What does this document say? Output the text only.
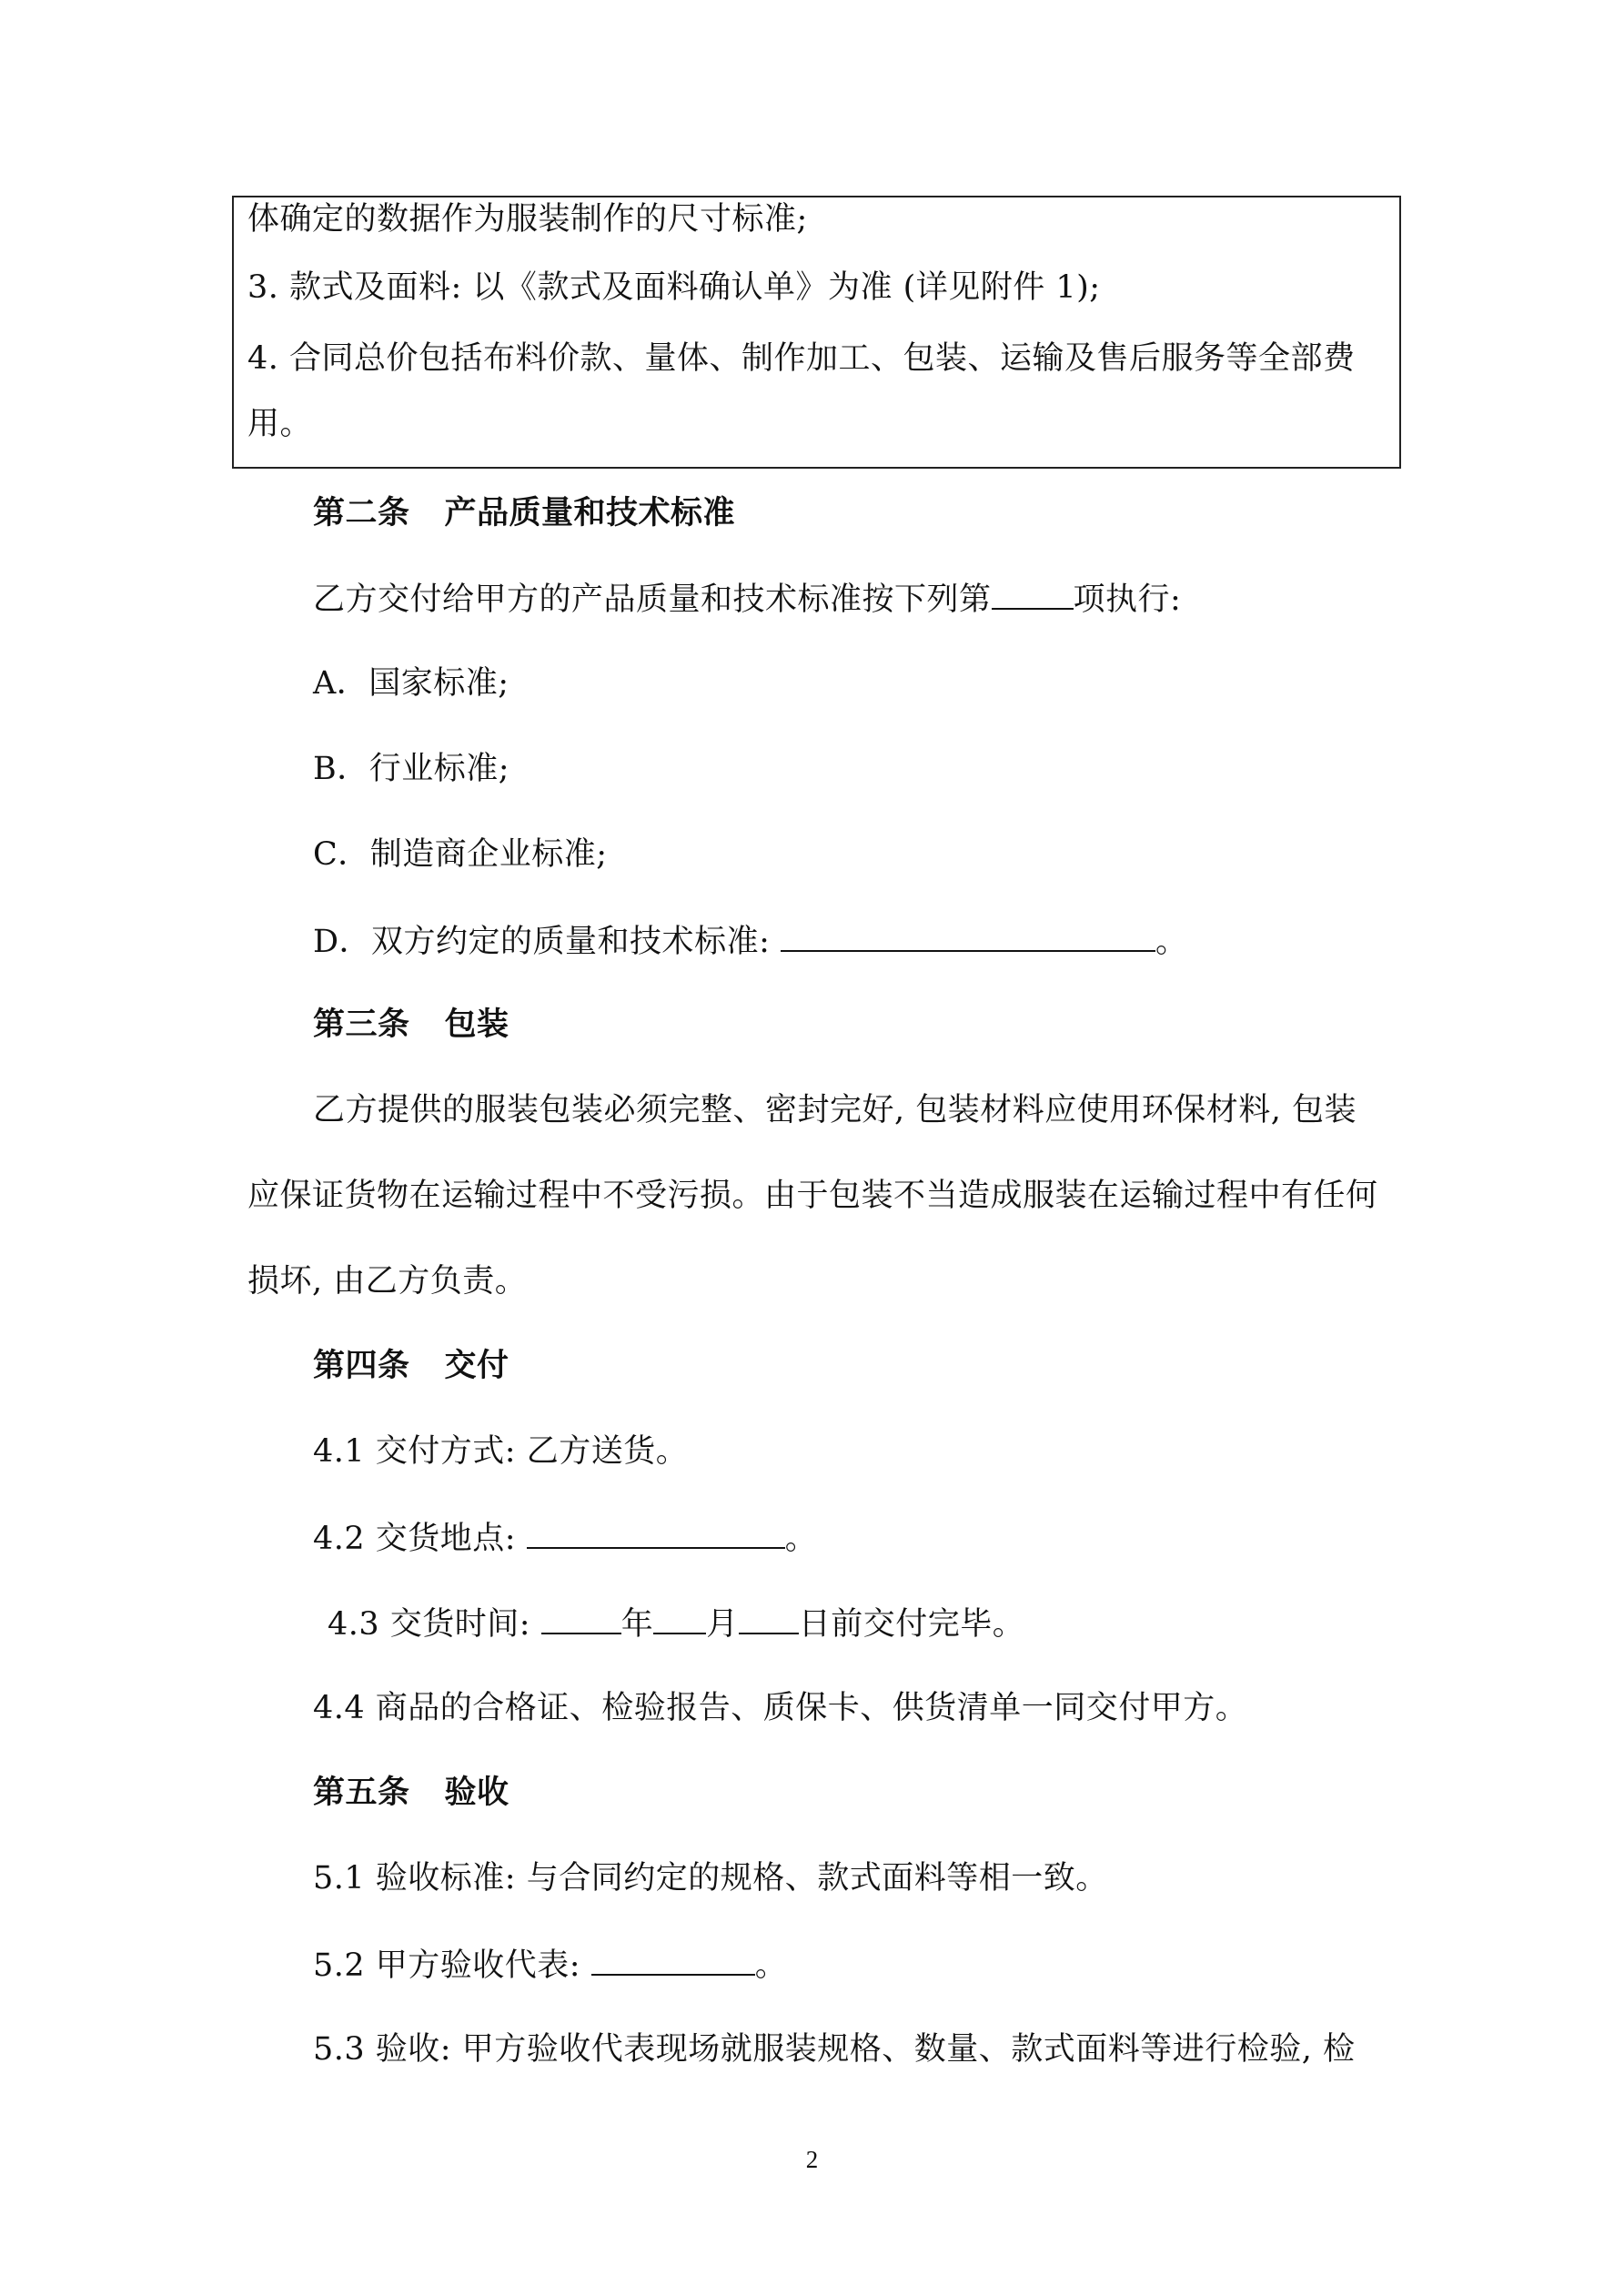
体确定的数据作为服装制作的尺寸标准;
3. 款式及面料: 以《款式及面料确认单》为准 (详见附件 1);
4. 合同总价包括布料价款、量体、制作加工、包装、运输及售后服务等全部费
用。
第二条 产品质量和技术标准
乙方交付给甲方的产品质量和技术标准按下列第	项执行:
A．国家标准;
B．行业标准;
C．制造商企业标准;
D．双方约定的质量和技术标准:	。
第三条 包装
乙方提供的服装包装必须完整、密封完好, 包装材料应使用环保材料, 包装
应保证货物在运输过程中不受污损。由于包装不当造成服装在运输过程中有任何
损坏, 由乙方负责。
第四条 交付
4.1 交付方式: 乙方送货。
4.2 交货地点:	。
4.3 交货时间:	年 月 日前交付完毕。
4.4 商品的合格证、检验报告、质保卡、供货清单一同交付甲方。
第五条 验收
5.1 验收标准: 与合同约定的规格、款式面料等相一致。
5.2 甲方验收代表:	。
5.3 验收: 甲方验收代表现场就服装规格、数量、款式面料等进行检验, 检
2
